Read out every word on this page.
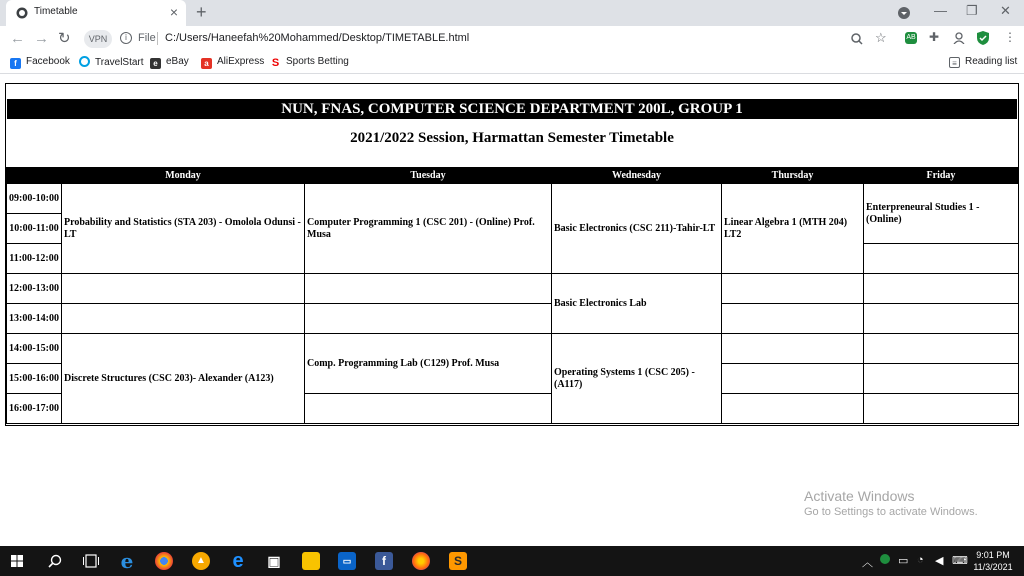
Timetable	× +	— ❐ ✕
← → ↻	VPN	i File C:/Users/Haneefah%20Mohammed/Desktop/TIMETABLE.html	☆	AB ✚	⋮
f Facebook	TravelStart	e eBay	a AliExpress S Sports Betting	≡ Reading list
NUN, FNAS, COMPUTER SCIENCE DEPARTMENT 200L, GROUP 1
2021/2022 Session, Harmattan Semester Timetable
	Monday	Tuesday	Wednesday	Thursday	Friday
09:00-10:00	Probability and Statistics (STA 203) - Omolola Odunsi - LT	Computer Programming 1 (CSC 201) - (Online) Prof. Musa	Basic Electronics (CSC 211)-Tahir-LT	Linear Algebra 1 (MTH 204) LT2	Enterpreneural Studies 1 - (Online)
10:00-11:00					
11:00-12:00					
12:00-13:00			Basic Electronics Lab		
13:00-14:00					
14:00-15:00	Discrete Structures (CSC 203)- Alexander (A123)	Comp. Programming Lab (C129) Prof. Musa	Operating Systems 1 (CSC 205) - (A117)		
15:00-16:00					
16:00-17:00					
Activate Windows
Go to Settings to activate Windows.
e	▲ e ▣	▭	f	S	︿ ▭ ◔ ◀ ⌨ 9:01 PM
11/3/2021
